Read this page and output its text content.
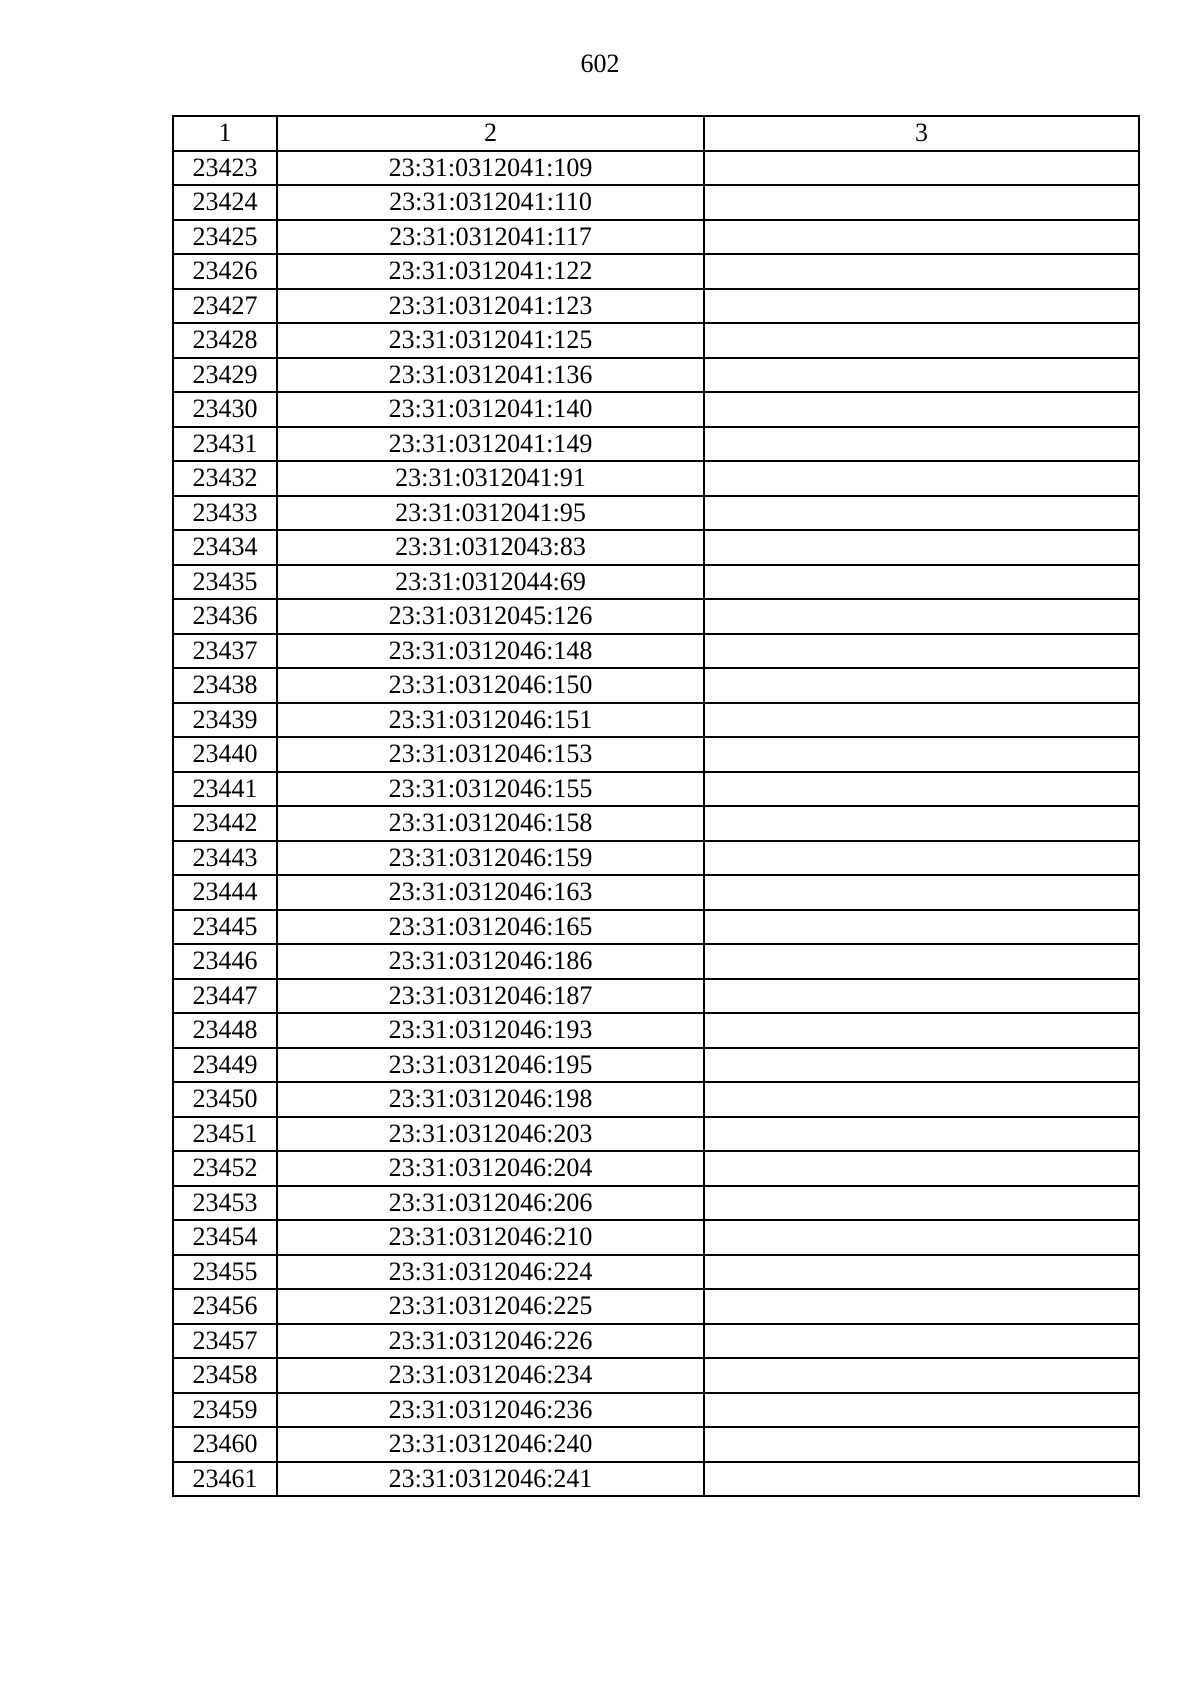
602
1	2	3
23423	23:31:0312041:109	
23424	23:31:0312041:110	
23425	23:31:0312041:117	
23426	23:31:0312041:122	
23427	23:31:0312041:123	
23428	23:31:0312041:125	
23429	23:31:0312041:136	
23430	23:31:0312041:140	
23431	23:31:0312041:149	
23432	23:31:0312041:91	
23433	23:31:0312041:95	
23434	23:31:0312043:83	
23435	23:31:0312044:69	
23436	23:31:0312045:126	
23437	23:31:0312046:148	
23438	23:31:0312046:150	
23439	23:31:0312046:151	
23440	23:31:0312046:153	
23441	23:31:0312046:155	
23442	23:31:0312046:158	
23443	23:31:0312046:159	
23444	23:31:0312046:163	
23445	23:31:0312046:165	
23446	23:31:0312046:186	
23447	23:31:0312046:187	
23448	23:31:0312046:193	
23449	23:31:0312046:195	
23450	23:31:0312046:198	
23451	23:31:0312046:203	
23452	23:31:0312046:204	
23453	23:31:0312046:206	
23454	23:31:0312046:210	
23455	23:31:0312046:224	
23456	23:31:0312046:225	
23457	23:31:0312046:226	
23458	23:31:0312046:234	
23459	23:31:0312046:236	
23460	23:31:0312046:240	
23461	23:31:0312046:241	
